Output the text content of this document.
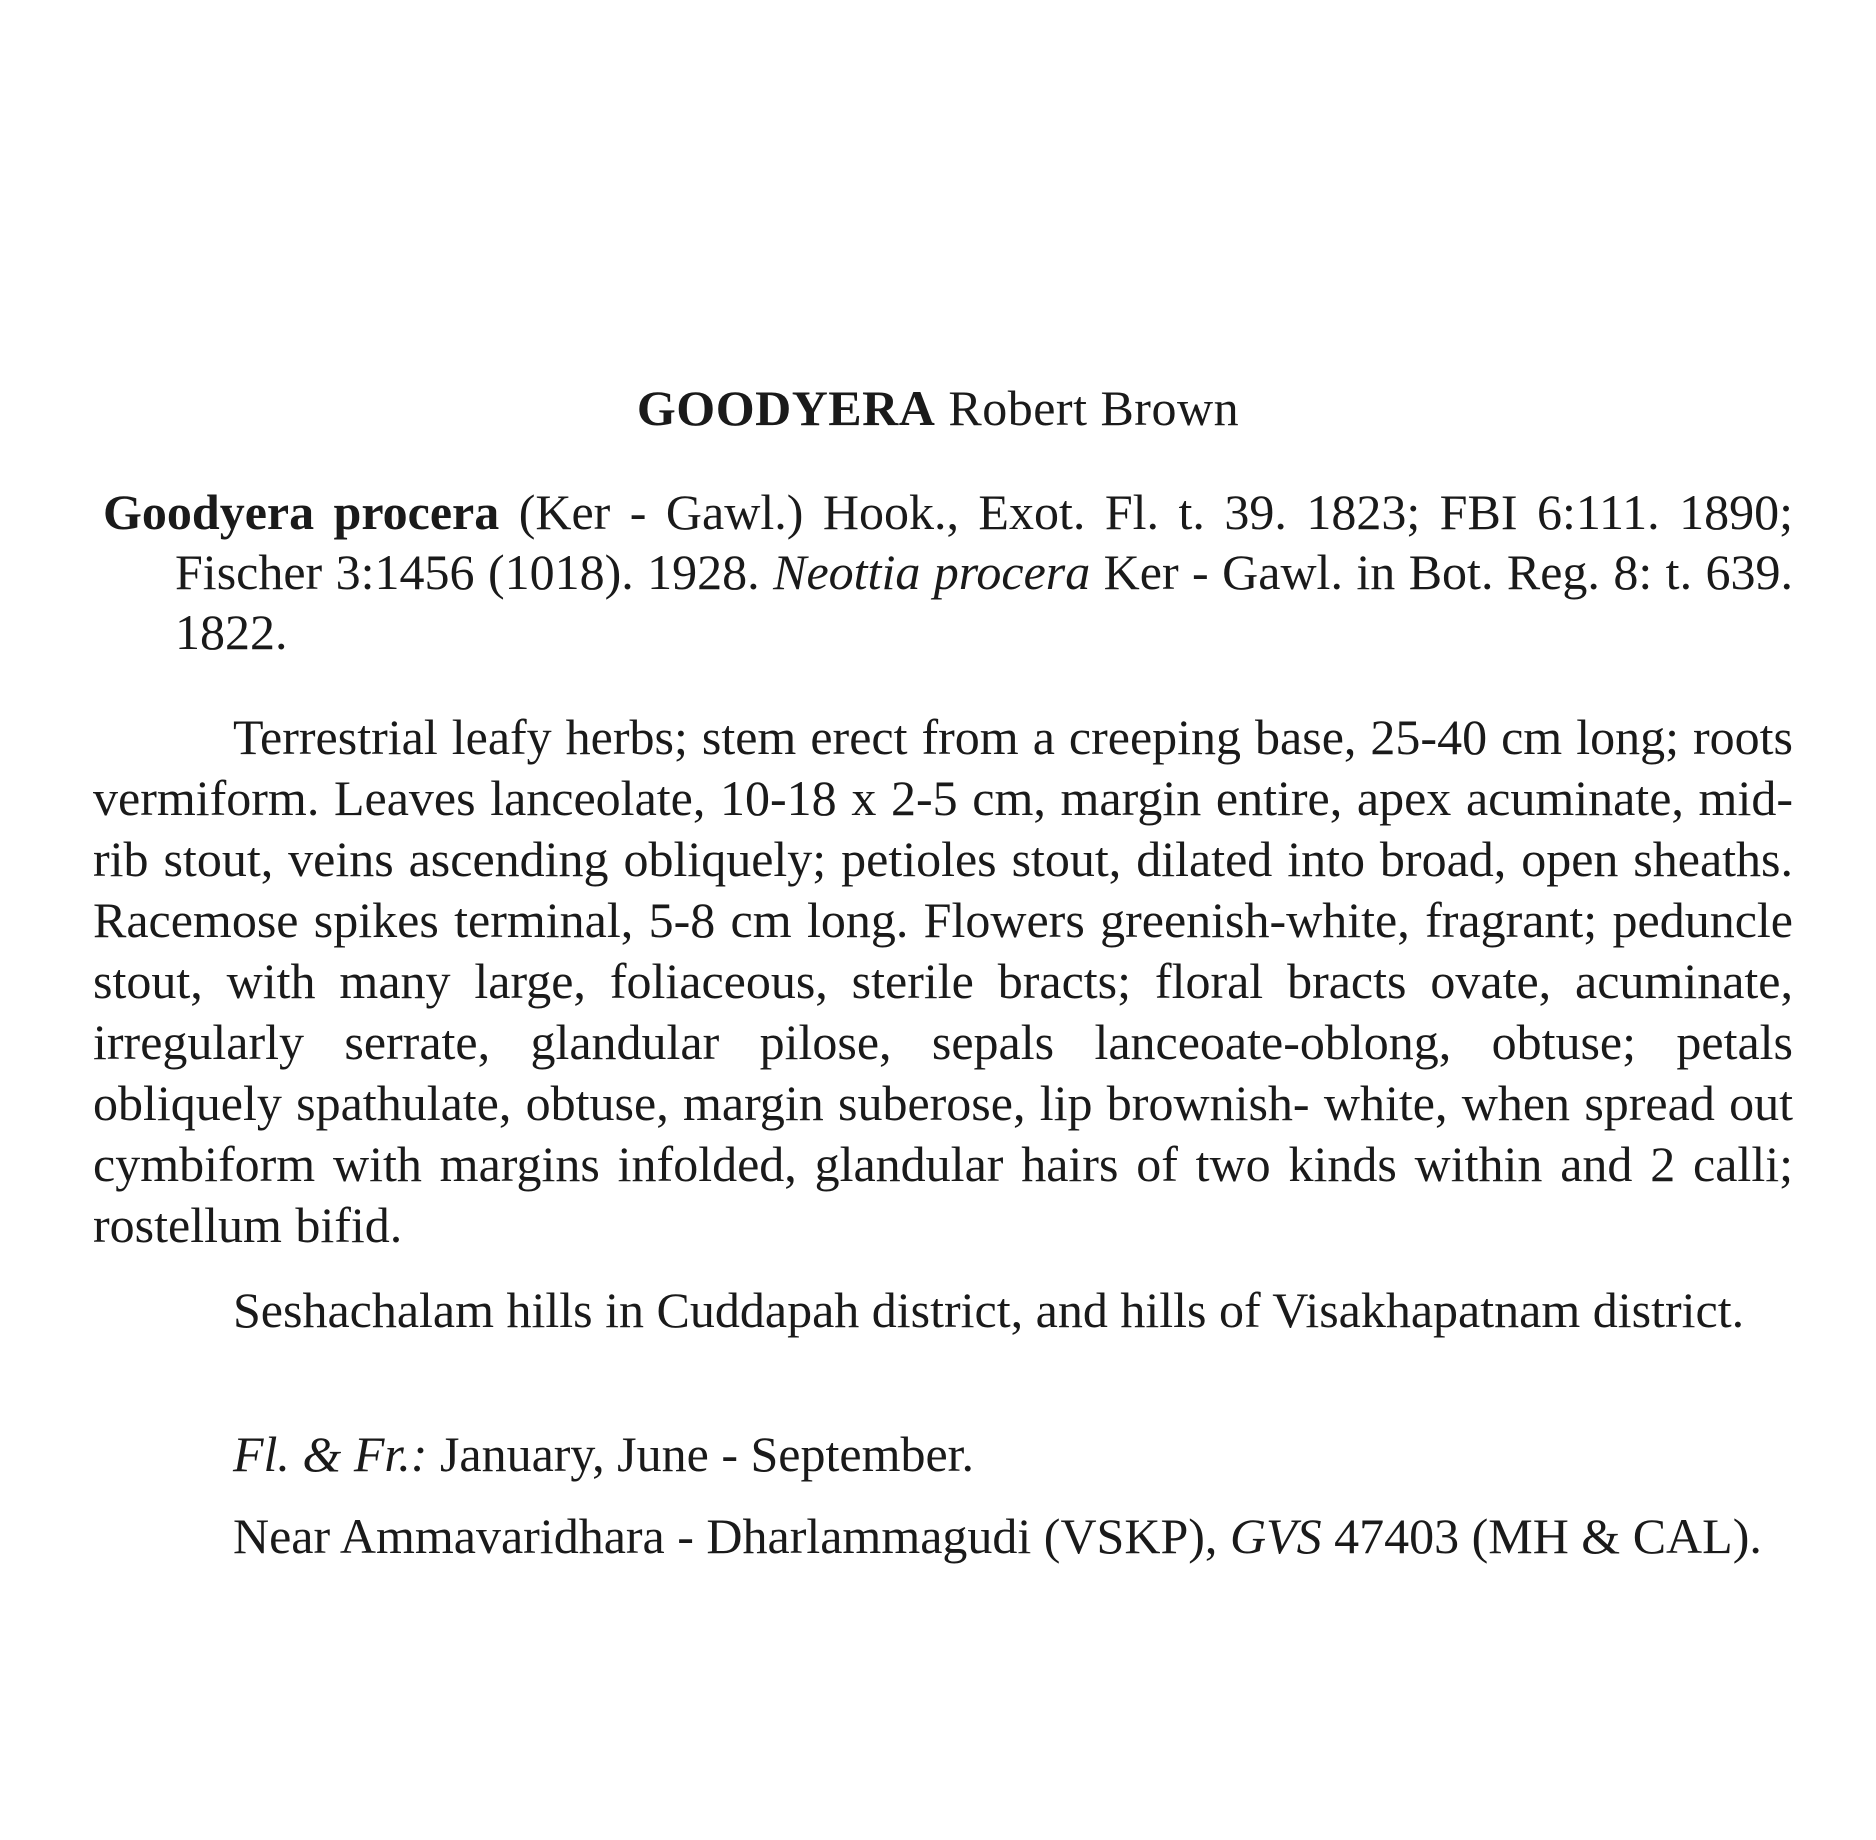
GOODYERA Robert Brown
Goodyera procera (Ker - Gawl.) Hook., Exot. Fl. t. 39. 1823; FBI 6:111. 1890; Fischer 3:1456 (1018). 1928. Neottia procera Ker - Gawl. in Bot. Reg. 8: t. 639. 1822.
Terrestrial leafy herbs; stem erect from a creeping base, 25-40 cm long; roots vermiform. Leaves lanceolate, 10-18 x 2-5 cm, margin entire, apex acuminate, mid-rib stout, veins ascending obliquely; petioles stout, dilated into broad, open sheaths. Racemose spikes terminal, 5-8 cm long. Flowers greenish-white, fragrant; peduncle stout, with many large, foliaceous, sterile bracts; floral bracts ovate, acuminate, irregularly serrate, glandular pilose, sepals lanceoate-oblong, obtuse; petals obliquely spathulate, obtuse, margin suberose, lip brownish- white, when spread out cymbiform with margins infolded, glandular hairs of two kinds within and 2 calli; rostellum bifid.
Seshachalam hills in Cuddapah district, and hills of Visakhapatnam district.
Fl. & Fr.: January, June - September.
Near Ammavaridhara - Dharlammagudi (VSKP), GVS 47403 (MH & CAL).
